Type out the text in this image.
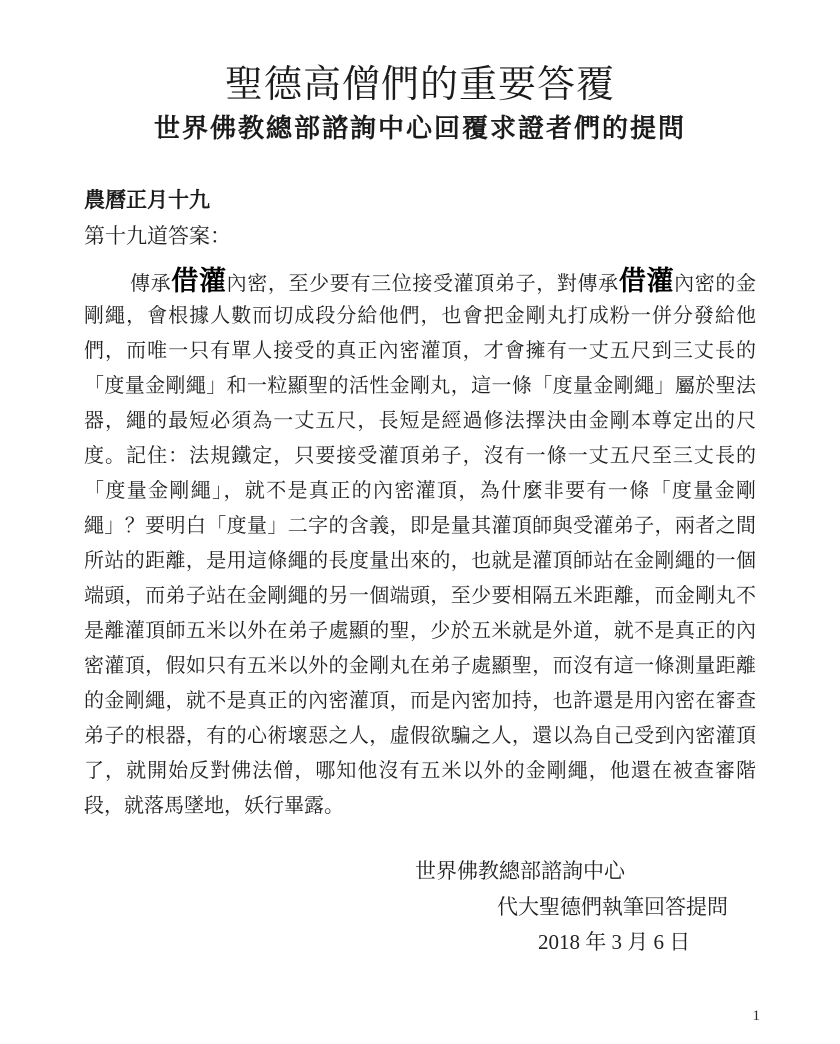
聖德高僧們的重要答覆
世界佛教總部諮詢中心回覆求證者們的提問
農曆正月十九
第十九道答案：
傳承借灌內密，至少要有三位接受灌頂弟子，對傳承借灌內密的金
剛繩，會根據人數而切成段分給他們，也會把金剛丸打成粉一併分發給他
們，而唯一只有單人接受的真正內密灌頂，才會擁有一丈五尺到三丈長的
「度量金剛繩」和一粒顯聖的活性金剛丸，這一條「度量金剛繩」屬於聖法
器，繩的最短必須為一丈五尺，長短是經過修法擇決由金剛本尊定出的尺
度。記住：法規鐵定，只要接受灌頂弟子，沒有一條一丈五尺至三丈長的
「度量金剛繩」，就不是真正的內密灌頂，為什麼非要有一條「度量金剛
繩」？要明白「度量」二字的含義，即是量其灌頂師與受灌弟子，兩者之間
所站的距離，是用這條繩的長度量出來的，也就是灌頂師站在金剛繩的一個
端頭，而弟子站在金剛繩的另一個端頭，至少要相隔五米距離，而金剛丸不
是離灌頂師五米以外在弟子處顯的聖，少於五米就是外道，就不是真正的內
密灌頂，假如只有五米以外的金剛丸在弟子處顯聖，而沒有這一條測量距離
的金剛繩，就不是真正的內密灌頂，而是內密加持，也許還是用內密在審查
弟子的根器，有的心術壞惡之人，虛假欲騙之人，還以為自己受到內密灌頂
了，就開始反對佛法僧，哪知他沒有五米以外的金剛繩，他還在被查審階
段，就落馬墜地，妖行畢露。
世界佛教總部諮詢中心
代大聖德們執筆回答提問
2018 年 3 月 6 日
1
